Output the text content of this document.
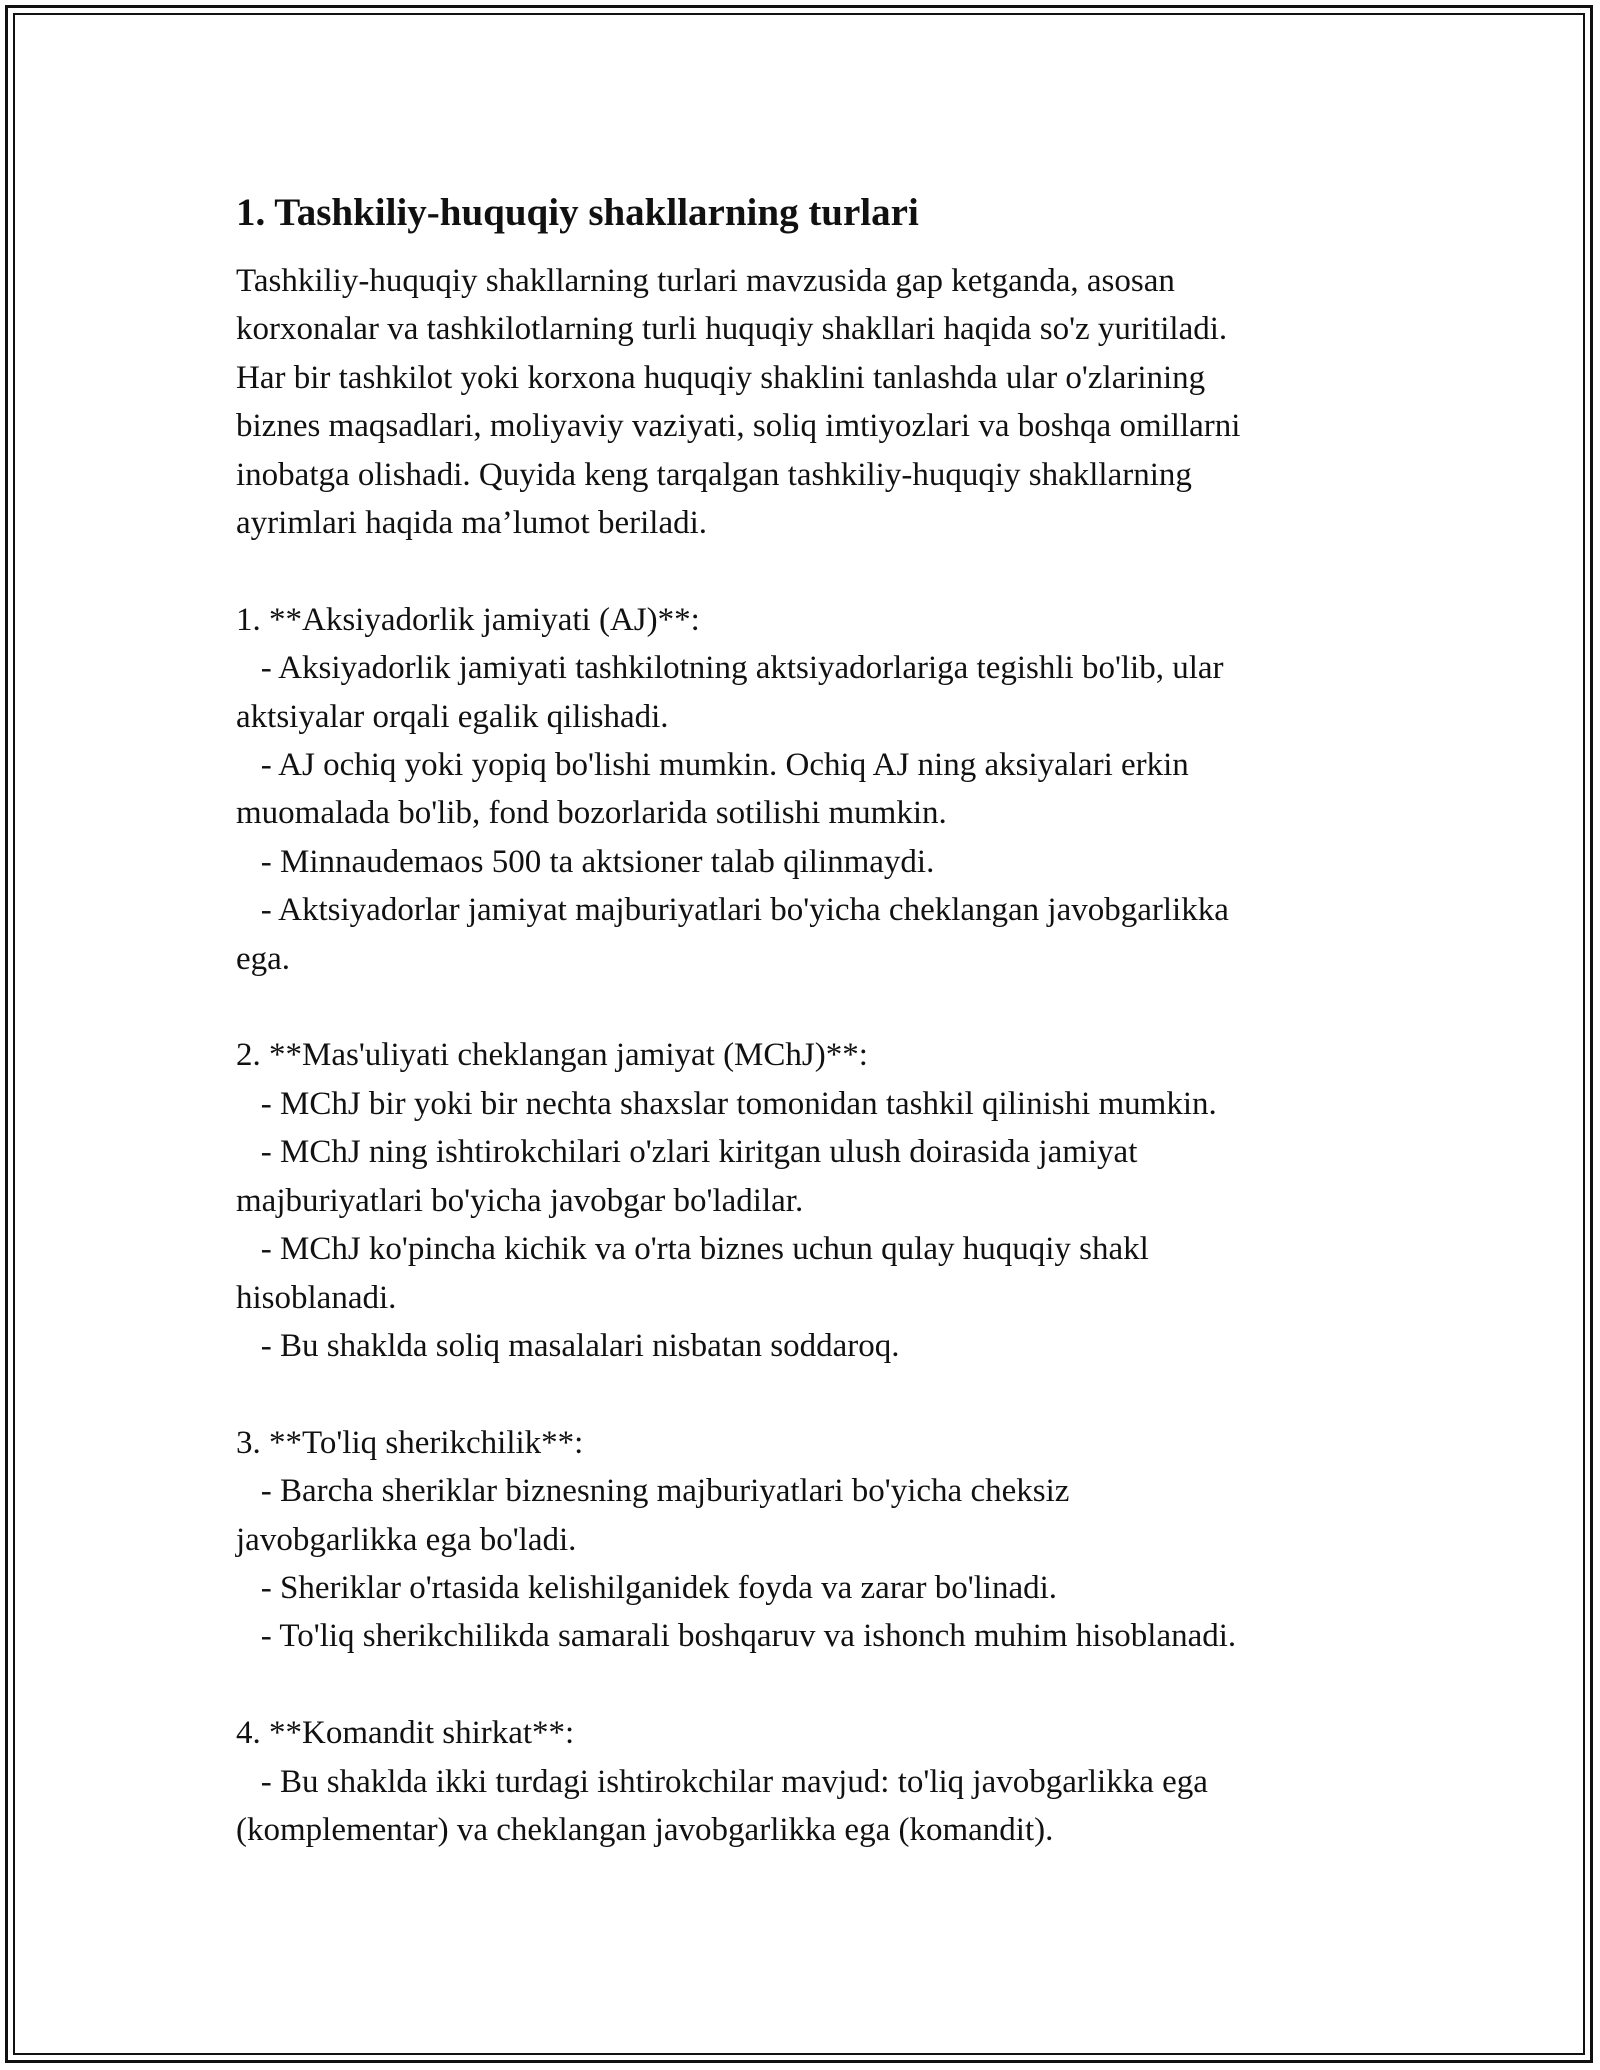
1. Tashkiliy-huquqiy shakllarning turlari
Tashkiliy-huquqiy shakllarning turlari mavzusida gap ketganda, asosan
korxonalar va tashkilotlarning turli huquqiy shakllari haqida so'z yuritiladi.
Har bir tashkilot yoki korxona huquqiy shaklini tanlashda ular o'zlarining
biznes maqsadlari, moliyaviy vaziyati, soliq imtiyozlari va boshqa omillarni
inobatga olishadi. Quyida keng tarqalgan tashkiliy-huquqiy shakllarning
ayrimlari haqida ma’lumot beriladi.
1. **Aksiyadorlik jamiyati (AJ)**:
- Aksiyadorlik jamiyati tashkilotning aktsiyadorlariga tegishli bo'lib, ular
aktsiyalar orqali egalik qilishadi.
- AJ ochiq yoki yopiq bo'lishi mumkin. Ochiq AJ ning aksiyalari erkin
muomalada bo'lib, fond bozorlarida sotilishi mumkin.
- Minnaudemaos 500 ta aktsioner talab qilinmaydi.
- Aktsiyadorlar jamiyat majburiyatlari bo'yicha cheklangan javobgarlikka
ega.
2. **Mas'uliyati cheklangan jamiyat (MChJ)**:
- MChJ bir yoki bir nechta shaxslar tomonidan tashkil qilinishi mumkin.
- MChJ ning ishtirokchilari o'zlari kiritgan ulush doirasida jamiyat
majburiyatlari bo'yicha javobgar bo'ladilar.
- MChJ ko'pincha kichik va o'rta biznes uchun qulay huquqiy shakl
hisoblanadi.
- Bu shaklda soliq masalalari nisbatan soddaroq.
3. **To'liq sherikchilik**:
- Barcha sheriklar biznesning majburiyatlari bo'yicha cheksiz
javobgarlikka ega bo'ladi.
- Sheriklar o'rtasida kelishilganidek foyda va zarar bo'linadi.
- To'liq sherikchilikda samarali boshqaruv va ishonch muhim hisoblanadi.
4. **Komandit shirkat**:
- Bu shaklda ikki turdagi ishtirokchilar mavjud: to'liq javobgarlikka ega
(komplementar) va cheklangan javobgarlikka ega (komandit).
